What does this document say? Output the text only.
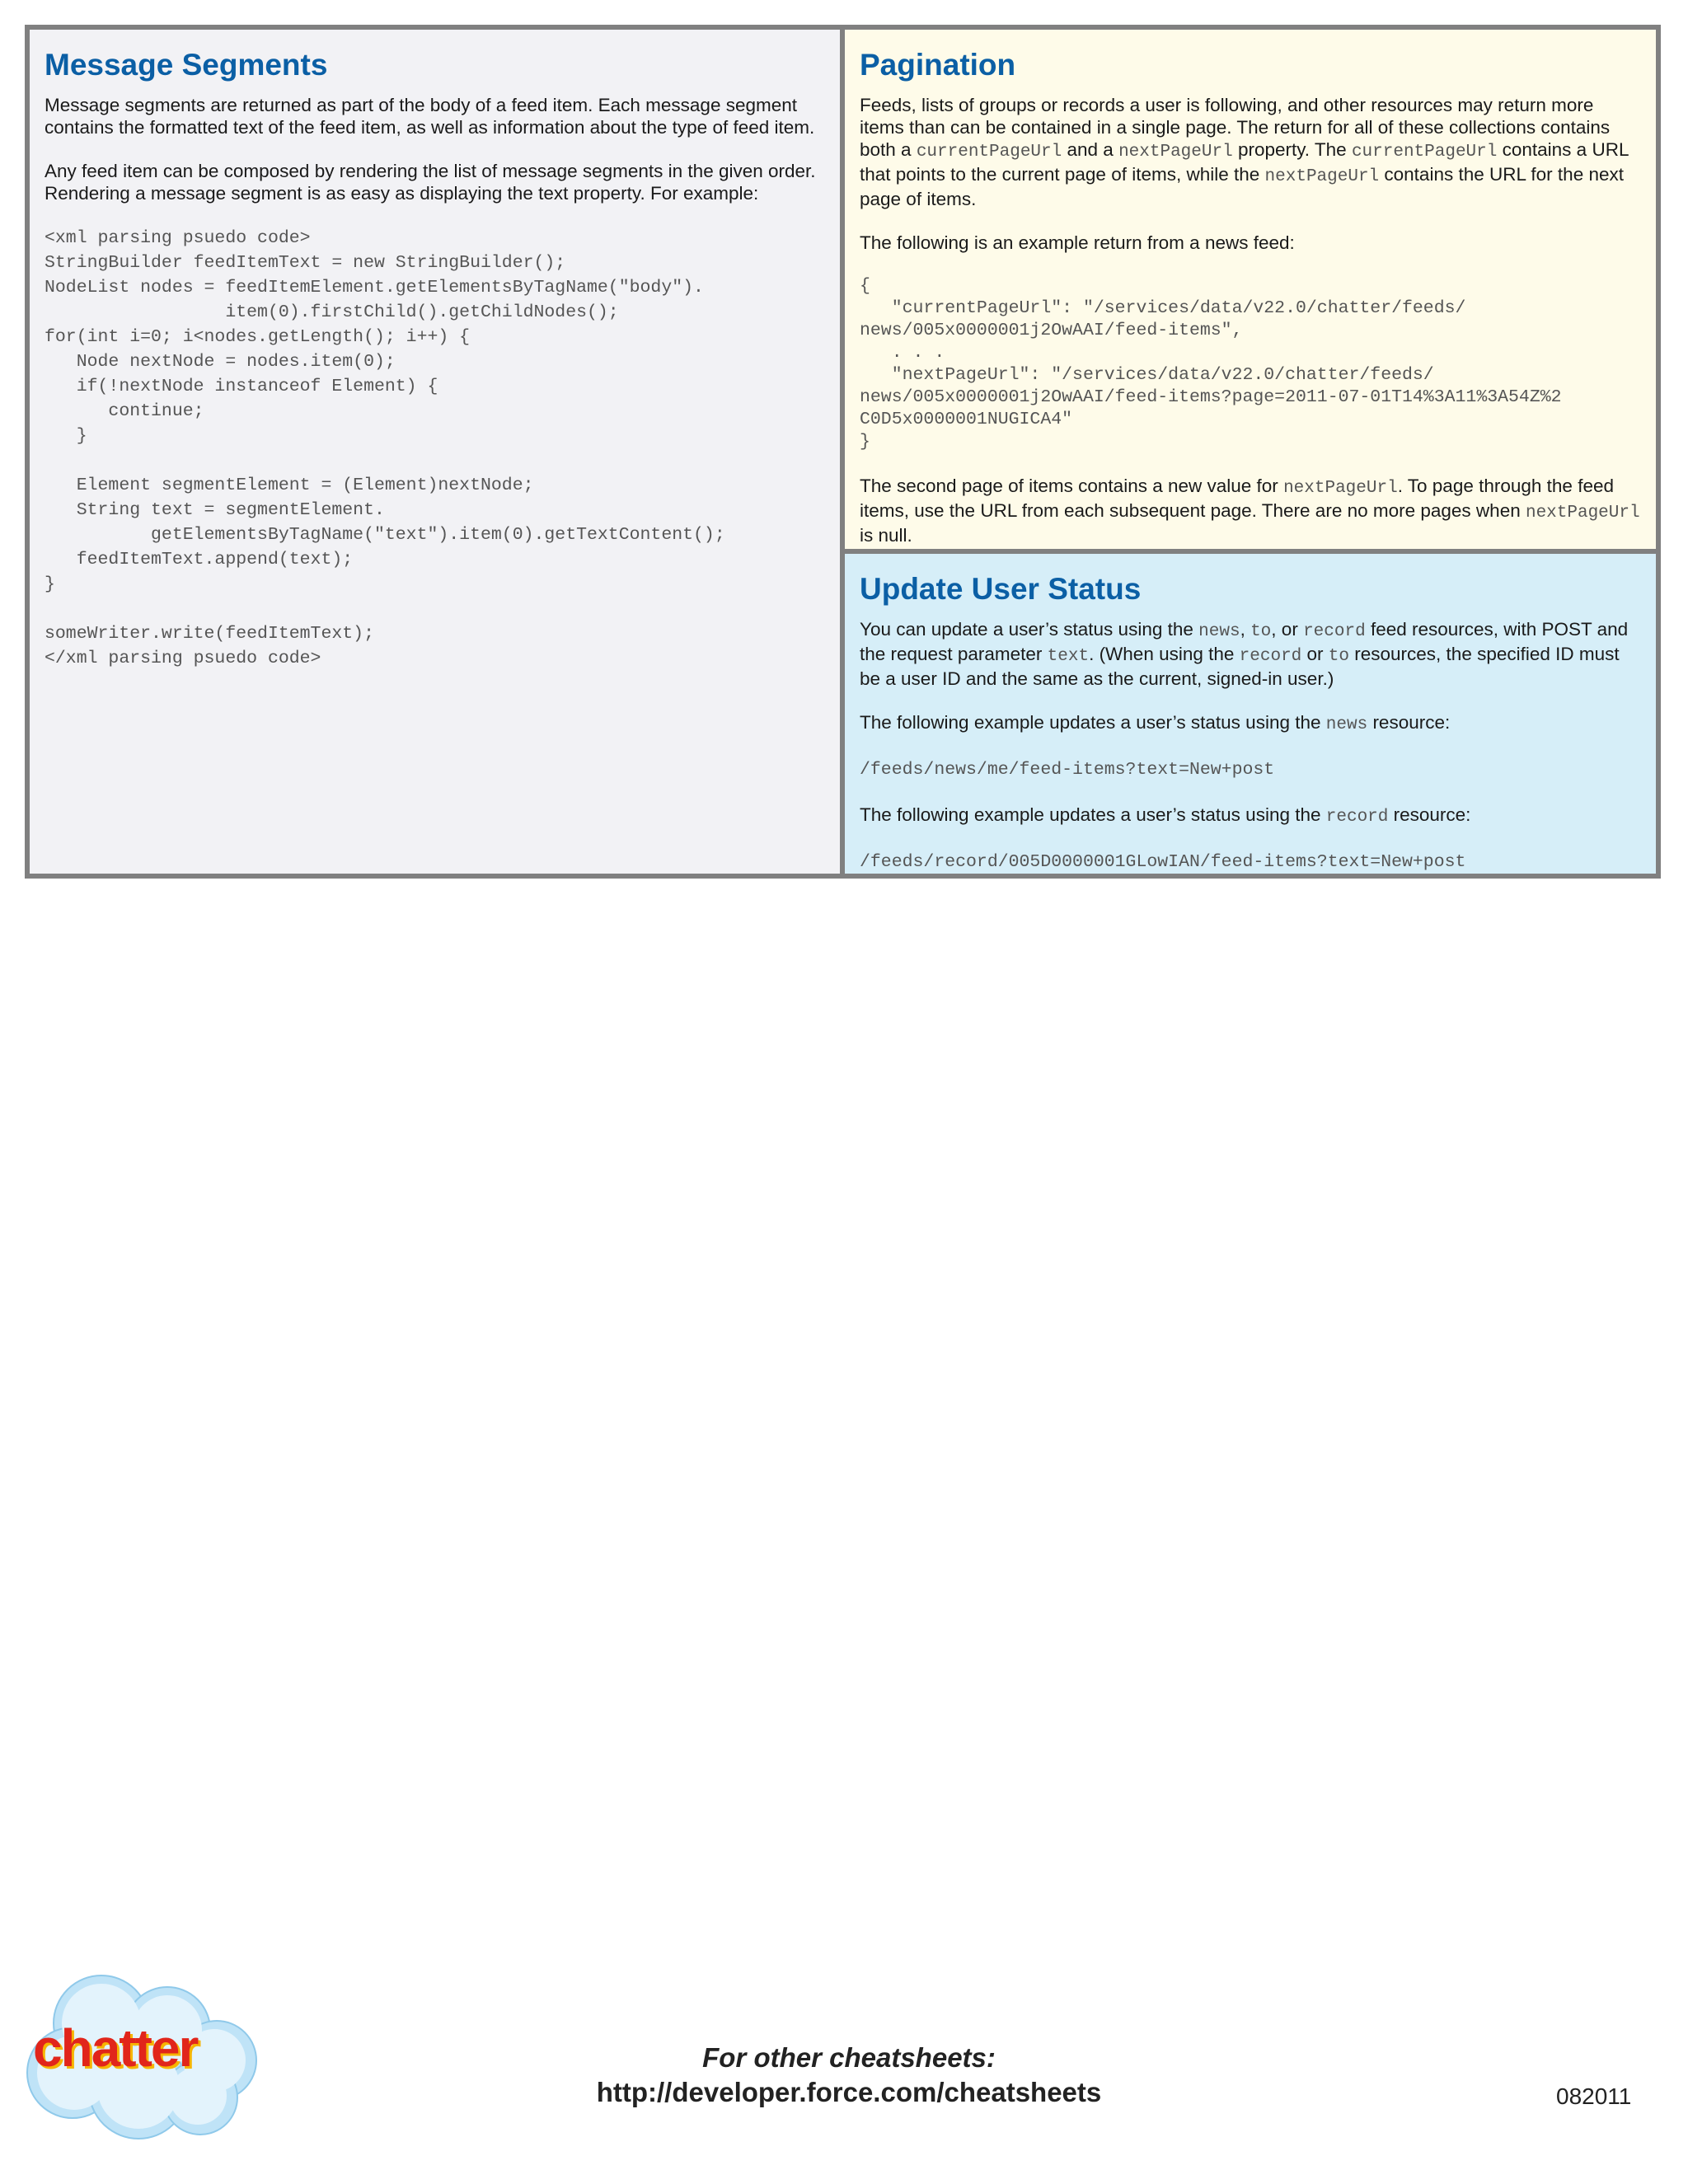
Message Segments

Message segments are returned as part of the body of a feed item. Each message segment contains the formatted text of the feed item, as well as information about the type of feed item.

Any feed item can be composed by rendering the list of message segments in the given order. Rendering a message segment is as easy as displaying the text property. For example:

<xml parsing psuedo code>
StringBuilder feedItemText = new StringBuilder();
NodeList nodes = feedItemElement.getElementsByTagName("body").
item(0).firstChild().getChildNodes();
for(int i=0; i<nodes.getLength(); i++) {
Node nextNode = nodes.item(0);
if(!nextNode instanceof Element) {
continue;
}

Element segmentElement = (Element)nextNode;
String text = segmentElement.
getElementsByTagName("text").item(0).getTextContent();
feedItemText.append(text);
}

someWriter.write(feedItemText);
</xml parsing psuedo code>
Pagination

Feeds, lists of groups or records a user is following, and other resources may return more items than can be contained in a single page. The return for all of these collections contains both a currentPageUrl and a nextPageUrl property. The currentPageUrl contains a URL that points to the current page of items, while the nextPageUrl contains the URL for the next page of items.

The following is an example return from a news feed:

{
"currentPageUrl": "/services/data/v22.0/chatter/feeds/
news/005x0000001j2OwAAI/feed-items",
. . .
"nextPageUrl": "/services/data/v22.0/chatter/feeds/
news/005x0000001j2OwAAI/feed-items?page=2011-07-01T14%3A11%3A54Z%2
C0D5x0000001NUGICA4"
}

The second page of items contains a new value for nextPageUrl. To page through the feed items, use the URL from each subsequent page. There are no more pages when nextPageUrl is null.

Update User Status

You can update a user’s status using the news, to, or record feed resources, with POST and the request parameter text. (When using the record or to resources, the specified ID must be a user ID and the same as the current, signed-in user.)

The following example updates a user’s status using the news resource:

/feeds/news/me/feed-items?text=New+post

The following example updates a user’s status using the record resource:

/feeds/record/005D0000001GLowIAN/feed-items?text=New+post
chatter	For other cheatsheets:
http://developer.force.com/cheatsheets	082011
